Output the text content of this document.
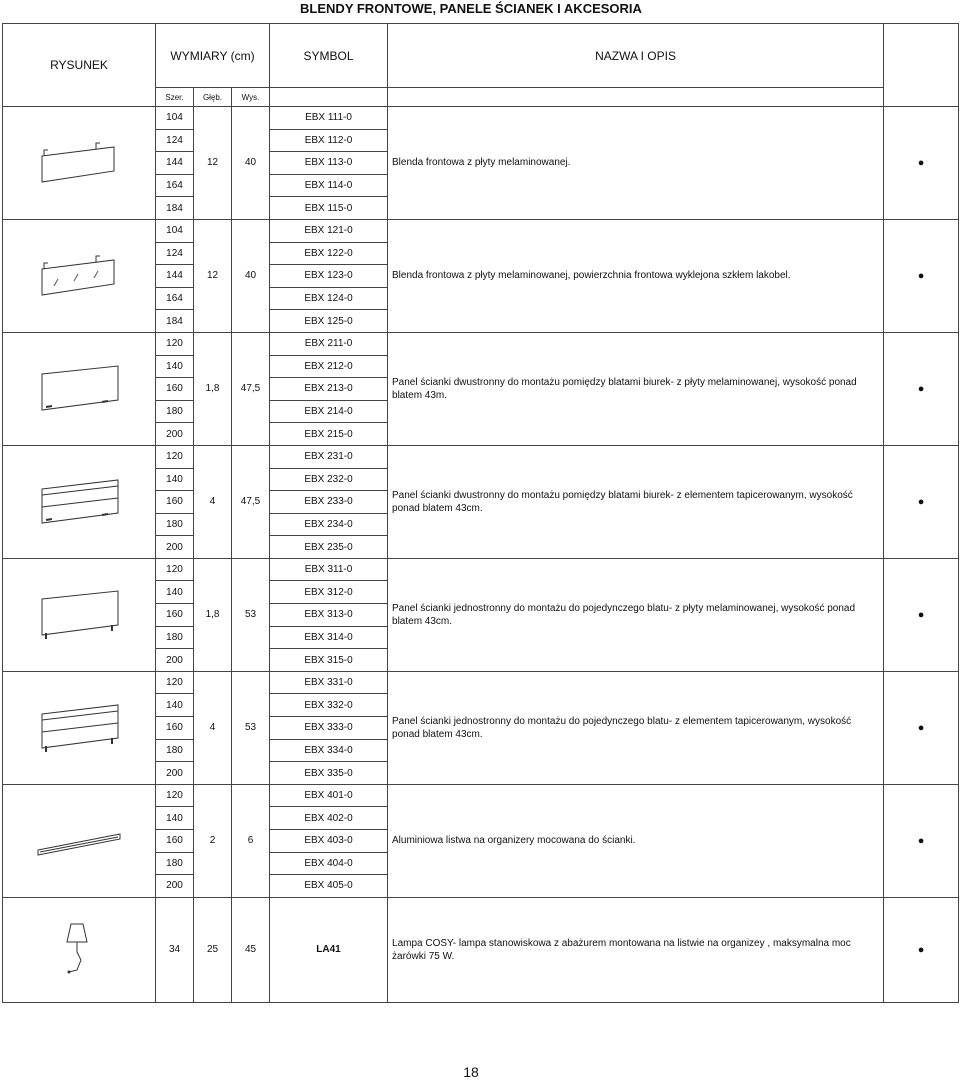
BLENDY FRONTOWE, PANELE ŚCIANEK I AKCESORIA
RYSUNEK	WYMIARY (cm)			SYMBOL	NAZWA I OPIS	
	Szer.	Głęb.	Wys.			

	104	12	40	EBX 111-0	Blenda frontowa z płyty melaminowanej.	●
	124			EBX 112-0		
	144			EBX 113-0		
	164			EBX 114-0		
	184			EBX 115-0		

	104	12	40	EBX 121-0	Blenda frontowa z płyty melaminowanej, powierzchnia frontowa wyklejona szkłem lakobel.	●
	124			EBX 122-0		
	144			EBX 123-0		
	164			EBX 124-0		
	184			EBX 125-0		

	120	1,8	47,5	EBX 211-0	Panel ścianki dwustronny do montażu pomiędzy blatami biurek- z płyty melaminowanej, wysokość ponad blatem 43m.	●
	140			EBX 212-0		
	160			EBX 213-0		
	180			EBX 214-0		
	200			EBX 215-0		

	120	4	47,5	EBX 231-0	Panel ścianki dwustronny do montażu pomiędzy blatami biurek- z elementem tapicerowanym, wysokość ponad blatem 43cm.	●
	140			EBX 232-0		
	160			EBX 233-0		
	180			EBX 234-0		
	200			EBX 235-0		

	120	1,8	53	EBX 311-0	Panel ścianki jednostronny do montażu do pojedynczego blatu- z płyty melaminowanej, wysokość ponad blatem 43cm.	●
	140			EBX 312-0		
	160			EBX 313-0		
	180			EBX 314-0		
	200			EBX 315-0		

	120	4	53	EBX 331-0	Panel ścianki jednostronny do montażu do pojedynczego blatu- z elementem tapicerowanym, wysokość ponad blatem 43cm.	●
	140			EBX 332-0		
	160			EBX 333-0		
	180			EBX 334-0		
	200			EBX 335-0		

	120	2	6	EBX 401-0	Aluminiowa listwa na organizery mocowana do ścianki.	●
	140			EBX 402-0		
	160			EBX 403-0		
	180			EBX 404-0		
	200			EBX 405-0		

	34	25	45	LA41	Lampa COSY- lampa stanowiskowa z abażurem montowana na listwie na organizey , maksymalna moc żarówki 75 W.	●
18
